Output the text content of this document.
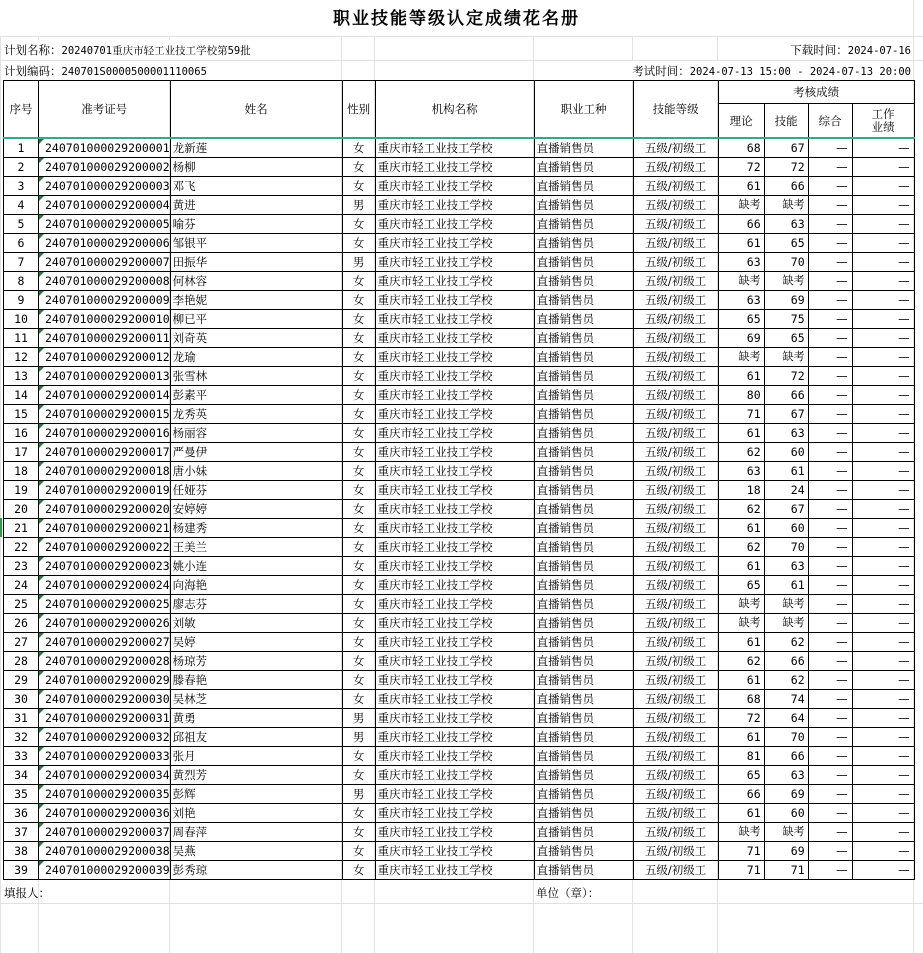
职业技能等级认定成绩花名册
计划名称：20240701重庆市轻工业技工学校第59批	下载时间：2024-07-16
计划编码：240701S0000500001110065	考试时间：2024-07-13 15:00 - 2024-07-13 20:00
序号	准考证号	姓名	性别	机构名称	职业工种	技能等级	考核成绩			
							理论	技能	综合	工作
业绩

1	240701000029200001	龙新莲	女	重庆市轻工业技工学校	直播销售员	五级/初级工	68	67	—	—
2	240701000029200002	杨柳	女	重庆市轻工业技工学校	直播销售员	五级/初级工	72	72	—	—
3	240701000029200003	邓飞	女	重庆市轻工业技工学校	直播销售员	五级/初级工	61	66	—	—
4	240701000029200004	黄进	男	重庆市轻工业技工学校	直播销售员	五级/初级工	缺考	缺考	—	—
5	240701000029200005	喻芬	女	重庆市轻工业技工学校	直播销售员	五级/初级工	66	63	—	—
6	240701000029200006	邹银平	女	重庆市轻工业技工学校	直播销售员	五级/初级工	61	65	—	—
7	240701000029200007	田振华	男	重庆市轻工业技工学校	直播销售员	五级/初级工	63	70	—	—
8	240701000029200008	何林容	女	重庆市轻工业技工学校	直播销售员	五级/初级工	缺考	缺考	—	—
9	240701000029200009	李艳妮	女	重庆市轻工业技工学校	直播销售员	五级/初级工	63	69	—	—
10	240701000029200010	柳已平	女	重庆市轻工业技工学校	直播销售员	五级/初级工	65	75	—	—
11	240701000029200011	刘奇英	女	重庆市轻工业技工学校	直播销售员	五级/初级工	69	65	—	—
12	240701000029200012	龙瑜	女	重庆市轻工业技工学校	直播销售员	五级/初级工	缺考	缺考	—	—
13	240701000029200013	张雪林	女	重庆市轻工业技工学校	直播销售员	五级/初级工	61	72	—	—
14	240701000029200014	彭素平	女	重庆市轻工业技工学校	直播销售员	五级/初级工	80	66	—	—
15	240701000029200015	龙秀英	女	重庆市轻工业技工学校	直播销售员	五级/初级工	71	67	—	—
16	240701000029200016	杨丽容	女	重庆市轻工业技工学校	直播销售员	五级/初级工	61	63	—	—
17	240701000029200017	严曼伊	女	重庆市轻工业技工学校	直播销售员	五级/初级工	62	60	—	—
18	240701000029200018	唐小妹	女	重庆市轻工业技工学校	直播销售员	五级/初级工	63	61	—	—
19	240701000029200019	任娅芬	女	重庆市轻工业技工学校	直播销售员	五级/初级工	18	24	—	—
20	240701000029200020	安婷婷	女	重庆市轻工业技工学校	直播销售员	五级/初级工	62	67	—	—
21	240701000029200021	杨建秀	女	重庆市轻工业技工学校	直播销售员	五级/初级工	61	60	—	—
22	240701000029200022	王美兰	女	重庆市轻工业技工学校	直播销售员	五级/初级工	62	70	—	—
23	240701000029200023	姚小连	女	重庆市轻工业技工学校	直播销售员	五级/初级工	61	63	—	—
24	240701000029200024	向海艳	女	重庆市轻工业技工学校	直播销售员	五级/初级工	65	61	—	—
25	240701000029200025	廖志芬	女	重庆市轻工业技工学校	直播销售员	五级/初级工	缺考	缺考	—	—
26	240701000029200026	刘敏	女	重庆市轻工业技工学校	直播销售员	五级/初级工	缺考	缺考	—	—
27	240701000029200027	吴婷	女	重庆市轻工业技工学校	直播销售员	五级/初级工	61	62	—	—
28	240701000029200028	杨琼芳	女	重庆市轻工业技工学校	直播销售员	五级/初级工	62	66	—	—
29	240701000029200029	滕春艳	女	重庆市轻工业技工学校	直播销售员	五级/初级工	61	62	—	—
30	240701000029200030	吴林芝	女	重庆市轻工业技工学校	直播销售员	五级/初级工	68	74	—	—
31	240701000029200031	黄勇	男	重庆市轻工业技工学校	直播销售员	五级/初级工	72	64	—	—
32	240701000029200032	邱祖友	男	重庆市轻工业技工学校	直播销售员	五级/初级工	61	70	—	—
33	240701000029200033	张月	女	重庆市轻工业技工学校	直播销售员	五级/初级工	81	66	—	—
34	240701000029200034	黄烈芳	女	重庆市轻工业技工学校	直播销售员	五级/初级工	65	63	—	—
35	240701000029200035	彭辉	男	重庆市轻工业技工学校	直播销售员	五级/初级工	66	69	—	—
36	240701000029200036	刘艳	女	重庆市轻工业技工学校	直播销售员	五级/初级工	61	60	—	—
37	240701000029200037	周春萍	女	重庆市轻工业技工学校	直播销售员	五级/初级工	缺考	缺考	—	—
38	240701000029200038	吴燕	女	重庆市轻工业技工学校	直播销售员	五级/初级工	71	69	—	—
39	240701000029200039	彭秀琼	女	重庆市轻工业技工学校	直播销售员	五级/初级工	71	71	—	—
填报人：	单位（章）：
